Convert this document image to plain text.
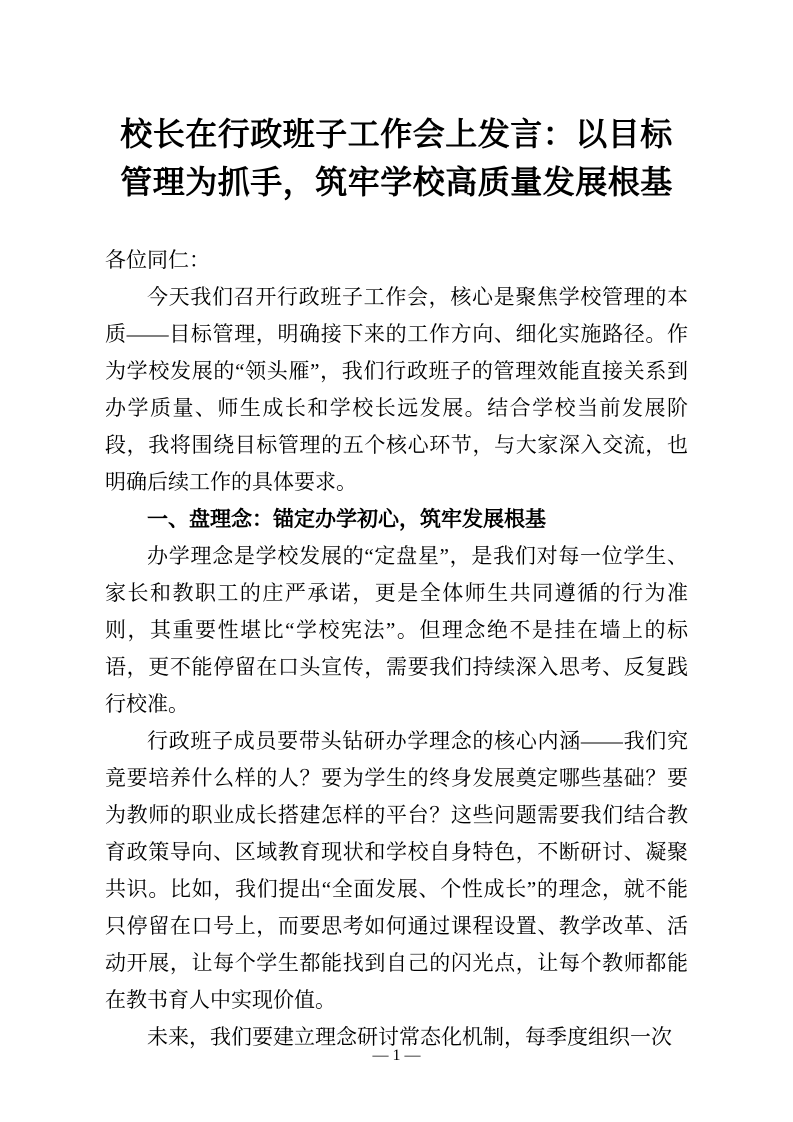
校长在行政班子工作会上发言：以目标管理为抓手，筑牢学校高质量发展根基

各位同仁：

今天我们召开行政班子工作会，核心是聚焦学校管理的本质——目标管理，明确接下来的工作方向、细化实施路径。作为学校发展的“领头雁”，我们行政班子的管理效能直接关系到办学质量、师生成长和学校长远发展。结合学校当前发展阶段，我将围绕目标管理的五个核心环节，与大家深入交流，也明确后续工作的具体要求。

一、盘理念：锚定办学初心，筑牢发展根基

办学理念是学校发展的“定盘星”，是我们对每一位学生、家长和教职工的庄严承诺，更是全体师生共同遵循的行为准则，其重要性堪比“学校宪法”。但理念绝不是挂在墙上的标语，更不能停留在口头宣传，需要我们持续深入思考、反复践行校准。

行政班子成员要带头钻研办学理念的核心内涵——我们究竟要培养什么样的人？要为学生的终身发展奠定哪些基础？要为教师的职业成长搭建怎样的平台？这些问题需要我们结合教育政策导向、区域教育现状和学校自身特色，不断研讨、凝聚共识。比如，我们提出“全面发展、个性成长”的理念，就不能只停留在口号上，而要思考如何通过课程设置、教学改革、活动开展，让每个学生都能找到自己的闪光点，让每个教师都能在教书育人中实现价值。

未来，我们要建立理念研讨常态化机制，每季度组织一次

— 1 —
